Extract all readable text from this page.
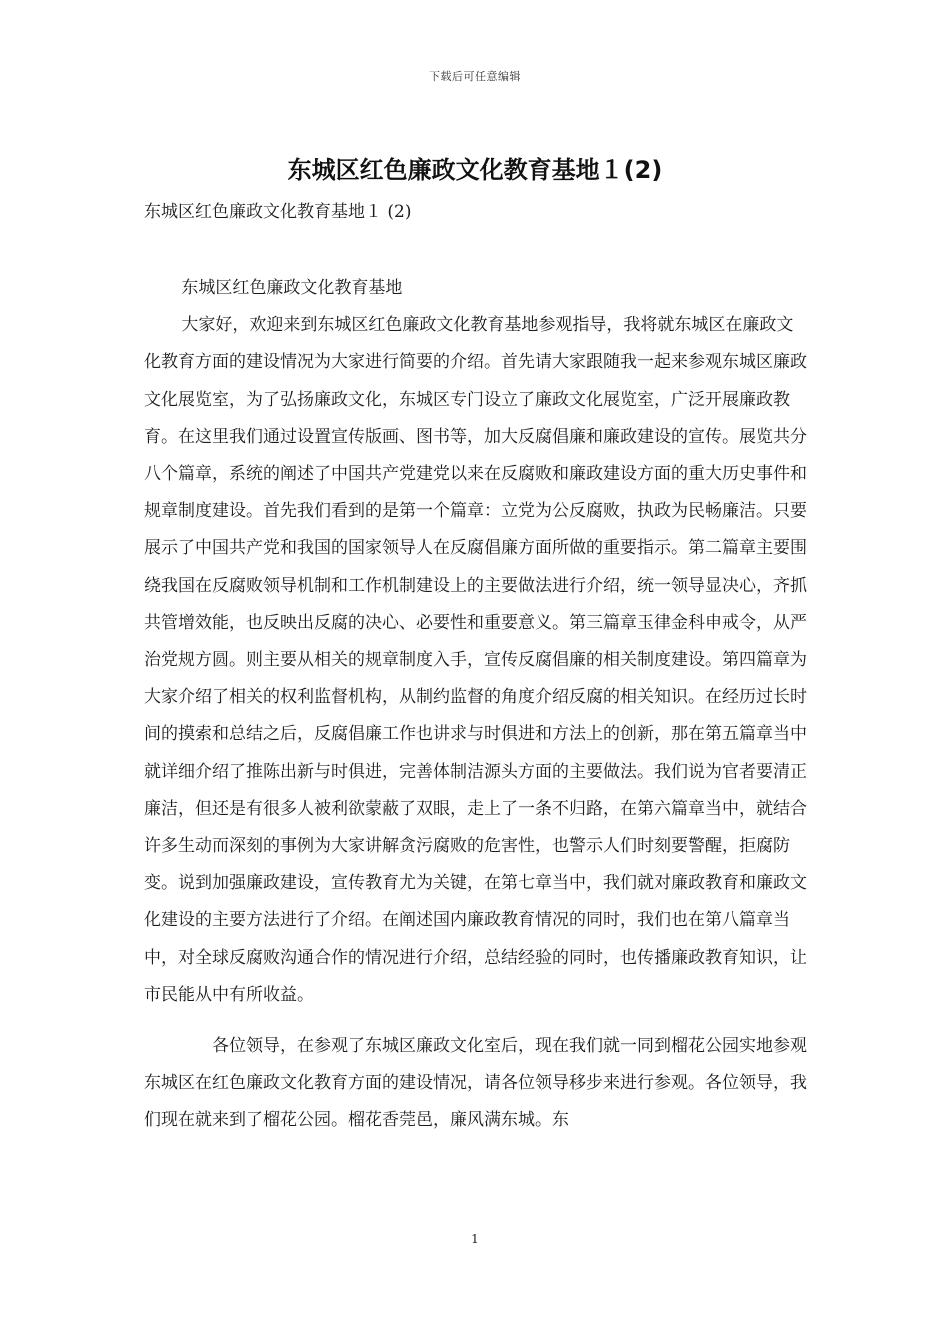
下载后可任意编辑
东城区红色廉政文化教育基地１(2)
东城区红色廉政文化教育基地１ (2)

东城区红色廉政文化教育基地

大家好，欢迎来到东城区红色廉政文化教育基地参观指导，我将就东城区在廉政文化教育方面的建设情况为大家进行简要的介绍。首先请大家跟随我一起来参观东城区廉政文化展览室，为了弘扬廉政文化，东城区专门设立了廉政文化展览室，广泛开展廉政教育。在这里我们通过设置宣传版画、图书等，加大反腐倡廉和廉政建设的宣传。展览共分八个篇章，系统的阐述了中国共产党建党以来在反腐败和廉政建设方面的重大历史事件和规章制度建设。首先我们看到的是第一个篇章：立党为公反腐败，执政为民畅廉洁。只要展示了中国共产党和我国的国家领导人在反腐倡廉方面所做的重要指示。第二篇章主要围绕我国在反腐败领导机制和工作机制建设上的主要做法进行介绍，统一领导显决心，齐抓共管增效能，也反映出反腐的决心、必要性和重要意义。第三篇章玉律金科申戒令，从严治党规方圆。则主要从相关的规章制度入手，宣传反腐倡廉的相关制度建设。第四篇章为大家介绍了相关的权利监督机构，从制约监督的角度介绍反腐的相关知识。在经历过长时间的摸索和总结之后，反腐倡廉工作也讲求与时俱进和方法上的创新，那在第五篇章当中就详细介绍了推陈出新与时俱进，完善体制洁源头方面的主要做法。我们说为官者要清正廉洁，但还是有很多人被利欲蒙蔽了双眼，走上了一条不归路，在第六篇章当中，就结合许多生动而深刻的事例为大家讲解贪污腐败的危害性，也警示人们时刻要警醒，拒腐防变。说到加强廉政建设，宣传教育尤为关键，在第七章当中，我们就对廉政教育和廉政文化建设的主要方法进行了介绍。在阐述国内廉政教育情况的同时，我们也在第八篇章当中，对全球反腐败沟通合作的情况进行介绍，总结经验的同时，也传播廉政教育知识，让市民能从中有所收益。

各位领导，在参观了东城区廉政文化室后，现在我们就一同到榴花公园实地参观东城区在红色廉政文化教育方面的建设情况，请各位领导移步来进行参观。各位领导，我们现在就来到了榴花公园。榴花香莞邑，廉风满东城。东

1
